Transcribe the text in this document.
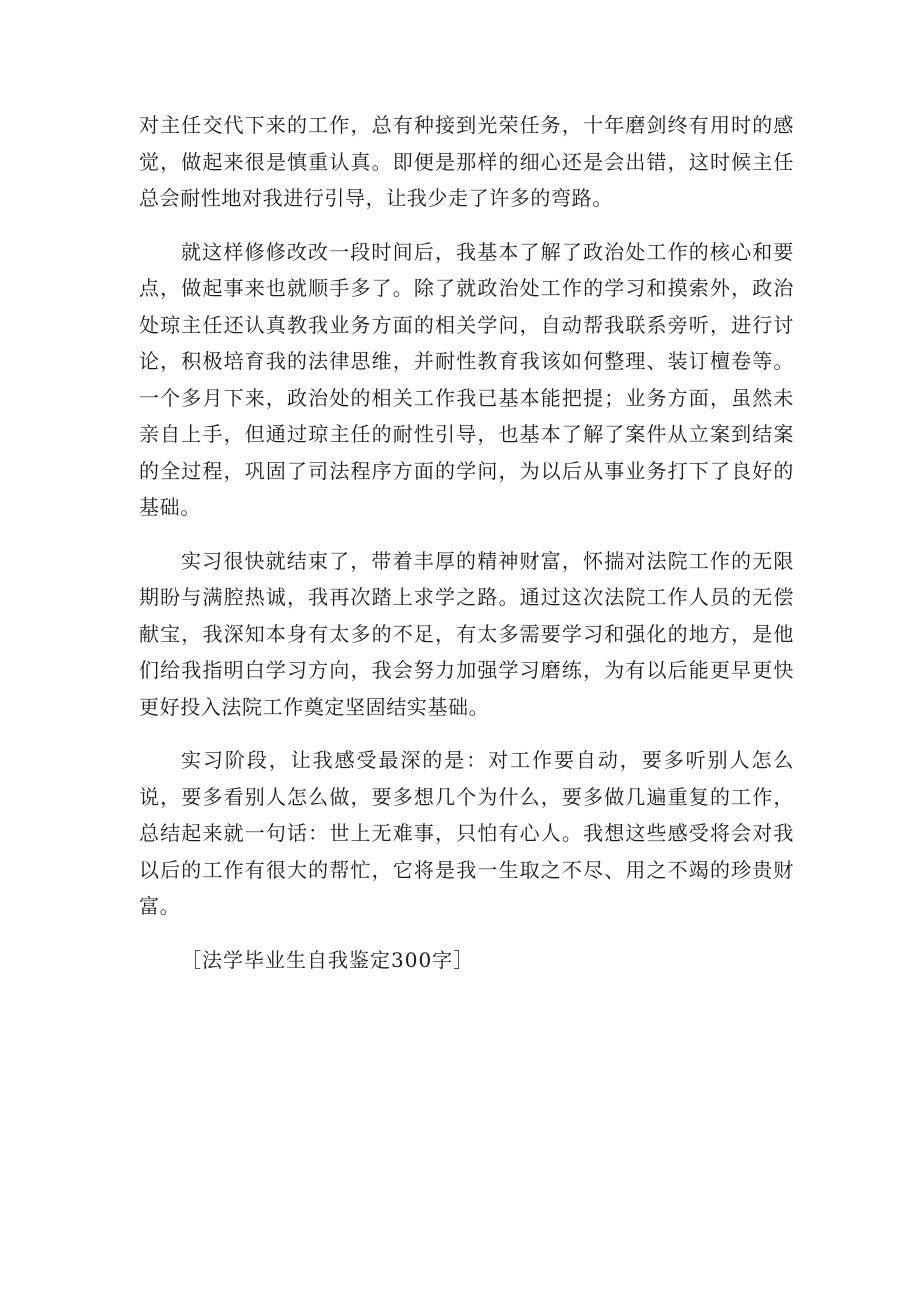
对主任交代下来的工作，总有种接到光荣任务，十年磨剑终有用时的感觉，做起来很是慎重认真。即便是那样的细心还是会出错，这时候主任总会耐性地对我进行引导，让我少走了许多的弯路。

就这样修修改改一段时间后，我基本了解了政治处工作的核心和要点，做起事来也就顺手多了。除了就政治处工作的学习和摸索外，政治处琼主任还认真教我业务方面的相关学问，自动帮我联系旁听，进行讨论，积极培育我的法律思维，并耐性教育我该如何整理、装订檀卷等。一个多月下来，政治处的相关工作我已基本能把提；业务方面，虽然未亲自上手，但通过琼主任的耐性引导，也基本了解了案件从立案到结案的全过程，巩固了司法程序方面的学问，为以后从事业务打下了良好的基础。

实习很快就结束了，带着丰厚的精神财富，怀揣对法院工作的无限期盼与满腔热诚，我再次踏上求学之路。通过这次法院工作人员的无偿献宝，我深知本身有太多的不足，有太多需要学习和强化的地方，是他们给我指明白学习方向，我会努力加强学习磨练，为有以后能更早更快更好投入法院工作奠定坚固结实基础。

实习阶段，让我感受最深的是：对工作要自动，要多听别人怎么说，要多看别人怎么做，要多想几个为什么，要多做几遍重复的工作，总结起来就一句话：世上无难事，只怕有心人。我想这些感受将会对我以后的工作有很大的帮忙，它将是我一生取之不尽、用之不竭的珍贵财富。

［法学毕业生自我鉴定300字］
